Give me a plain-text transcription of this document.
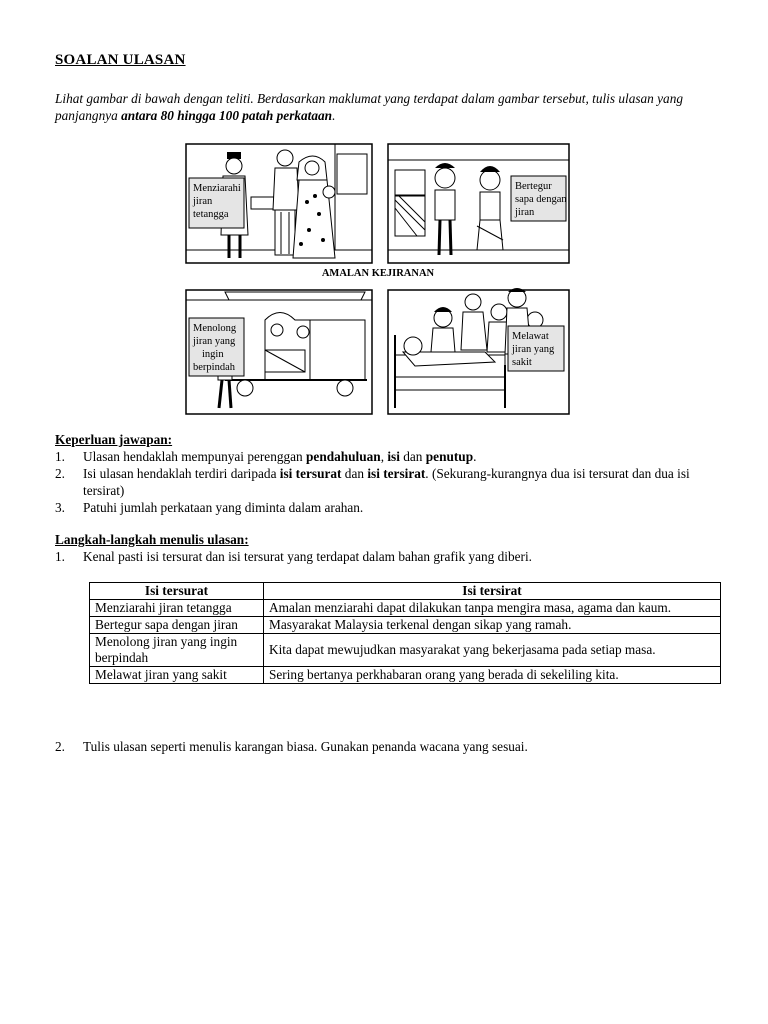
SOALAN ULASAN
Lihat gambar di bawah dengan teliti. Berdasarkan maklumat yang terdapat dalam gambar tersebut, tulis ulasan yang panjangnya antara 80 hingga 100 patah perkataan.
Menziarahi
jiran
tetangga
Bertegur
sapa dengan
jiran
AMALAN KEJIRANAN
Menolong
jiran yang
ingin
berpindah
Melawat
jiran yang
sakit
Keperluan jawapan:
1. Ulasan hendaklah mempunyai perenggan pendahuluan, isi dan penutup.
2. Isi ulasan hendaklah terdiri daripada isi tersurat dan isi tersirat. (Sekurang-kurangnya dua isi tersurat dan dua isi tersirat)
3. Patuhi jumlah perkataan yang diminta dalam arahan.
Langkah-langkah menulis ulasan:
1. Kenal pasti isi tersurat dan isi tersurat yang terdapat dalam bahan grafik yang diberi.
Isi tersurat	Isi tersirat
Menziarahi jiran tetangga	Amalan menziarahi dapat dilakukan tanpa mengira masa, agama dan kaum.
Bertegur sapa dengan jiran	Masyarakat Malaysia terkenal dengan sikap yang ramah.
Menolong jiran yang ingin berpindah	Kita dapat mewujudkan masyarakat yang bekerjasama pada setiap masa.
Melawat jiran yang sakit	Sering bertanya perkhabaran orang yang berada di sekeliling kita.
2. Tulis ulasan seperti menulis karangan biasa. Gunakan penanda wacana yang sesuai.
